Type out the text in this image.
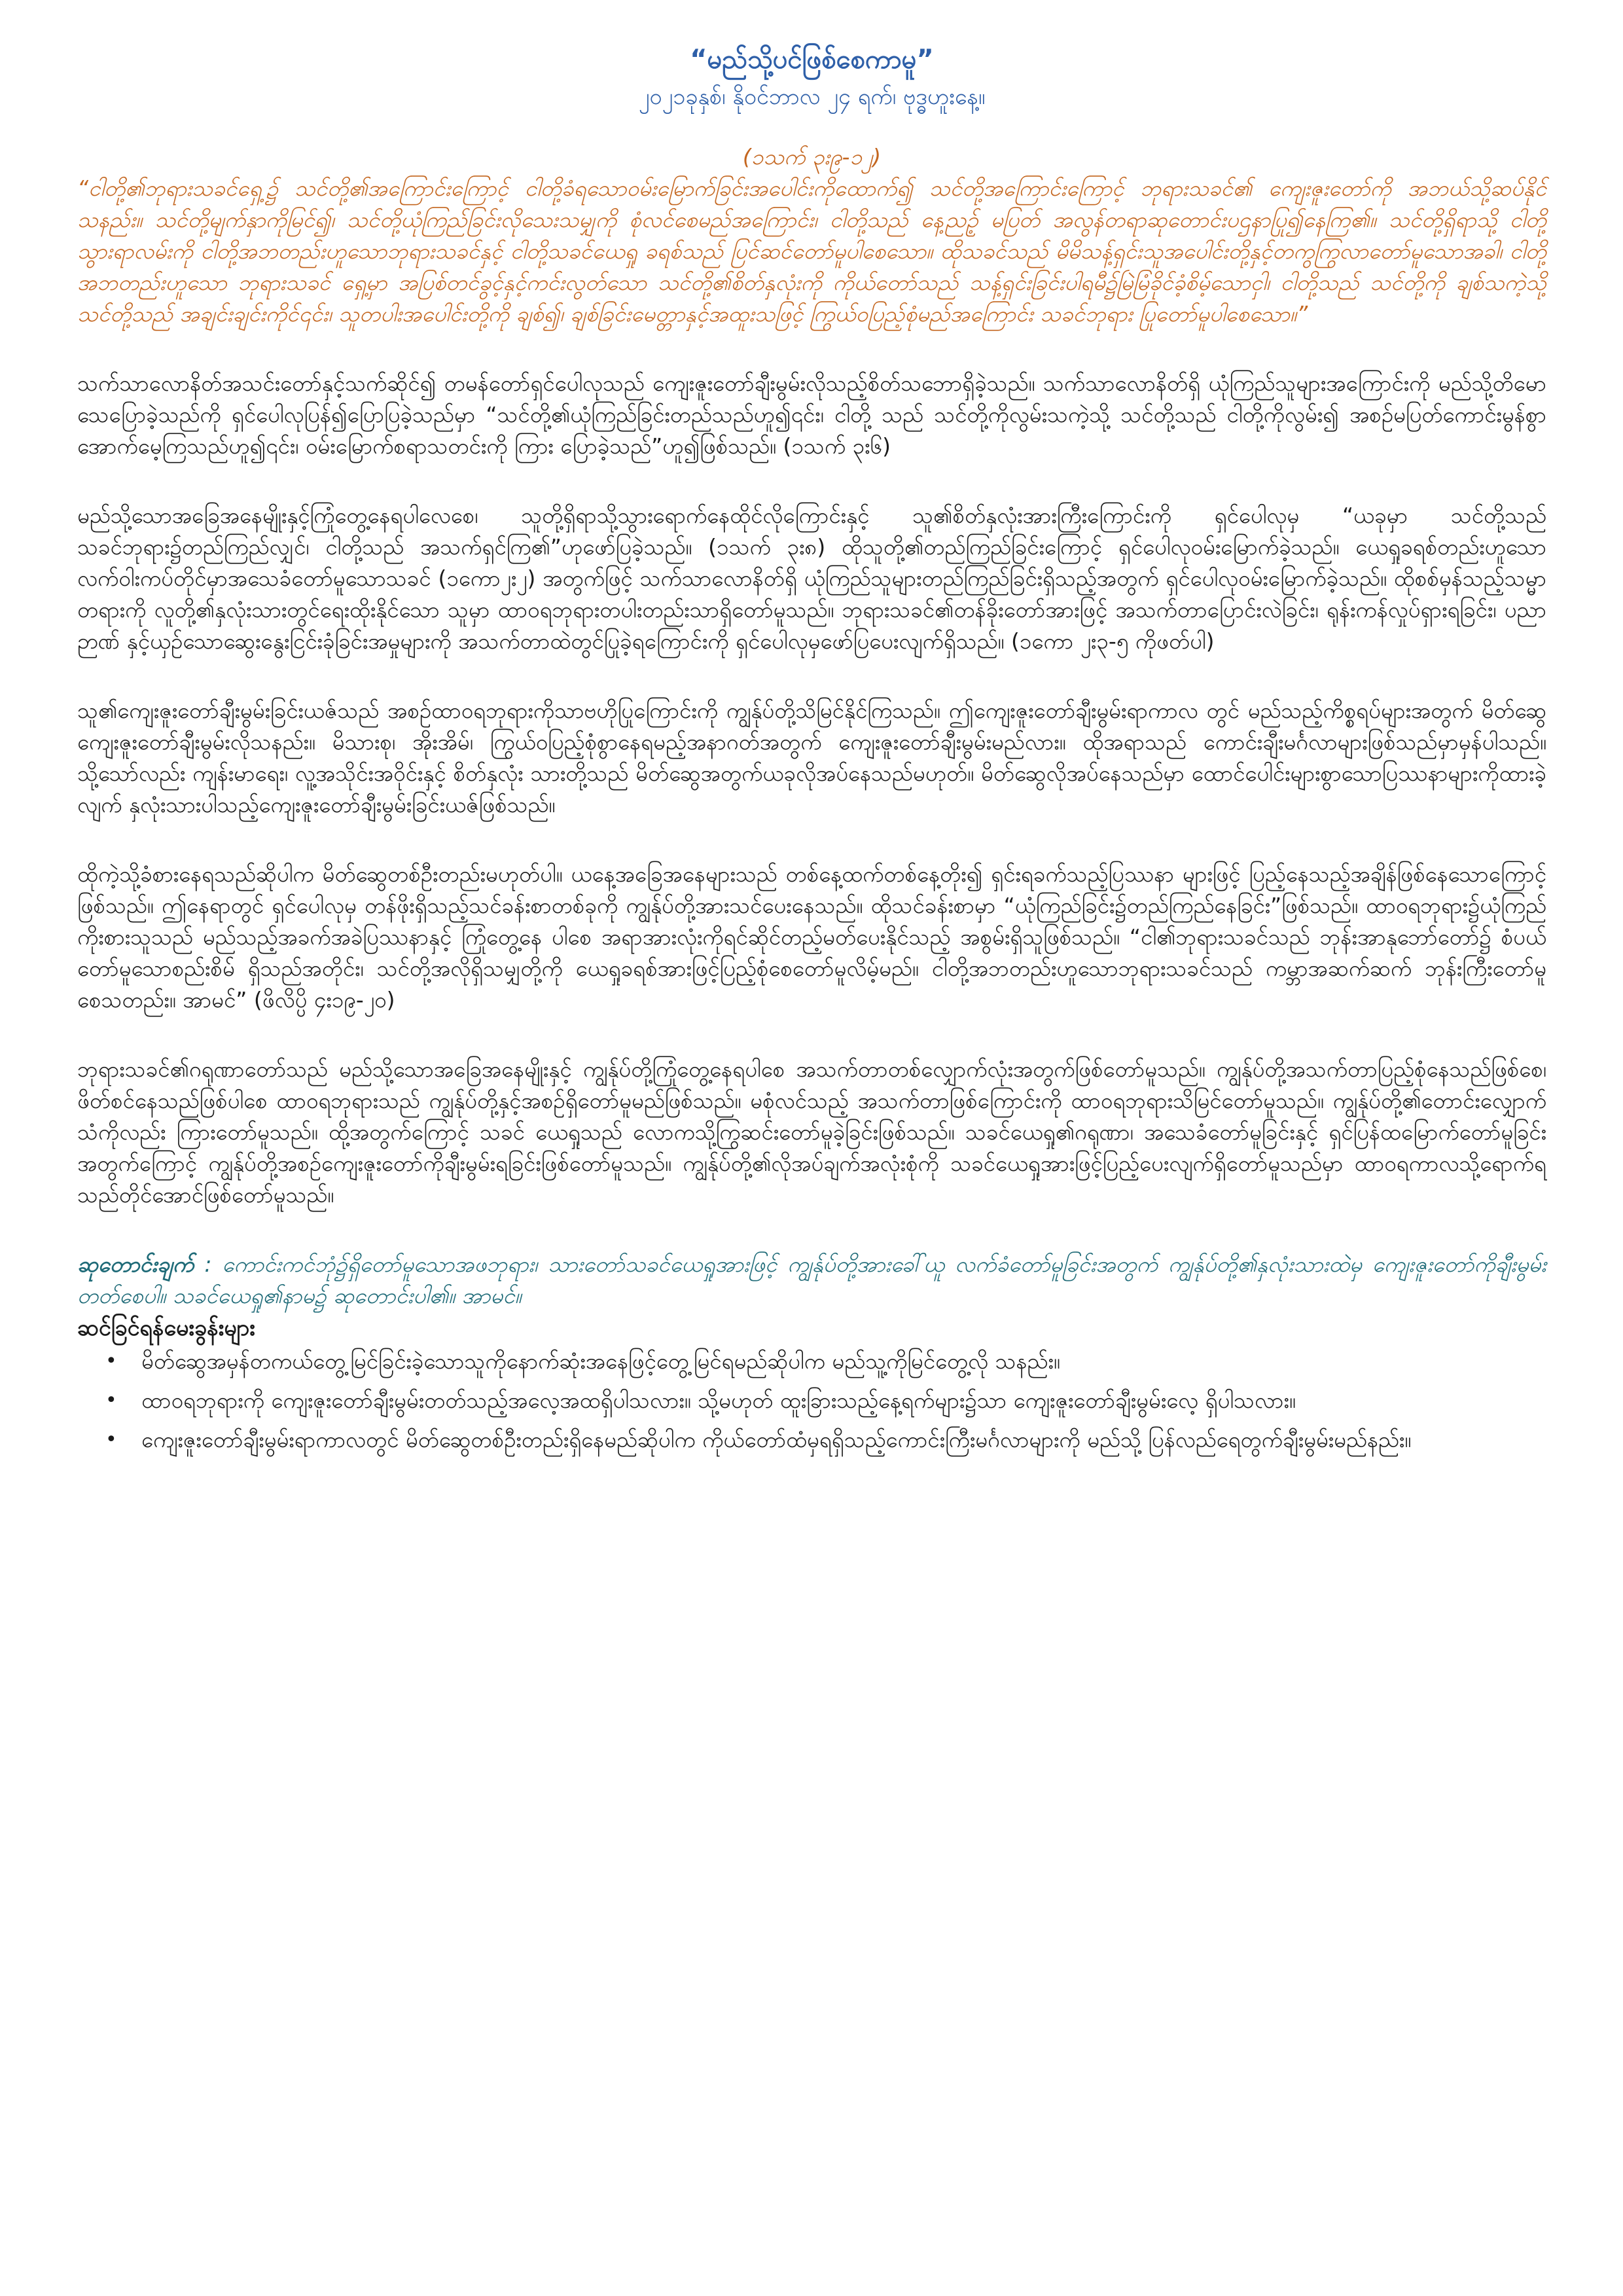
“မည်သို့ပင်ဖြစ်စေကာမူ”

၂၀၂၁ခုနှစ်၊ နိုဝင်ဘာလ ၂၄ ရက်၊ ဗုဒ္ဓဟူးနေ့။

(၁သက် ၃း၉-၁၂)

“ငါတို့၏ဘုရားသခင်ရှေ့၌ သင်တို့၏အကြောင်းကြောင့် ငါတို့ခံရသောဝမ်းမြောက်ခြင်းအပေါင်းကိုထောက်၍ သင်တို့အကြောင်းကြောင့် ဘုရားသခင်၏ ကျေးဇူးတော်ကို အဘယ်သို့ဆပ်နိုင်သနည်း။ သင်တို့မျက်နှာကိုမြင်၍၊ သင်တို့ယုံကြည်ခြင်းလိုသေးသမျှကို စုံလင်စေမည်အကြောင်း၊ ငါတို့သည် နေ့ညဉ့် မပြတ် အလွန်တရာဆုတောင်းပဌနာပြု၍နေကြ၏။ သင်တို့ရှိရာသို့ ငါတို့သွားရာလမ်းကို ငါတို့အဘတည်းဟူသောဘုရားသခင်နှင့် ငါတို့သခင်ယေရှု ခရစ်သည် ပြင်ဆင်တော်မူပါစေသော။ ထိုသခင်သည် မိမိသန့်ရှင်းသူအပေါင်းတို့နှင့်တကွကြွလာတော်မူသောအခါ၊ ငါတို့အဘတည်းဟူသော ဘုရားသခင် ရှေ့မှာ အပြစ်တင်ခွင့်နှင့်ကင်းလွတ်သော သင်တို့၏စိတ်နှလုံးကို ကိုယ်တော်သည် သန့်ရှင်းခြင်းပါရမီ၌မြဲမြံခိုင်ခံ့စိမ့်သောငှါ၊ ငါတို့သည် သင်တို့ကို ချစ်သကဲ့သို့ သင်တို့သည် အချင်းချင်းကိုင်၎င်း၊ သူတပါးအပေါင်းတို့ကို ချစ်၍၊ ချစ်ခြင်းမေတ္တာနှင့်အထူးသဖြင့် ကြွယ်ဝပြည့်စုံမည်အကြောင်း သခင်ဘုရား ပြုတော်မူပါစေသော။”

သက်သာလောနိတ်အသင်းတော်နှင့်သက်ဆိုင်၍ တမန်တော်ရှင်ပေါလုသည် ကျေးဇူးတော်ချီးမွမ်းလိုသည့်စိတ်သဘောရှိခဲ့သည်။ သက်သာလောနိတ်ရှိ ယုံကြည်သူများအကြောင်းကို မည်သို့တိမောသေပြောခဲ့သည်ကို ရှင်ပေါလုပြန်၍ပြောပြခဲ့သည်မှာ “သင်တို့၏ယုံကြည်ခြင်းတည်သည်ဟူ၍၎င်း၊ ငါတို့ သည် သင်တို့ကိုလွမ်းသကဲ့သို့ သင်တို့သည် ငါတို့ကိုလွမ်း၍ အစဉ်မပြတ်ကောင်းမွန်စွာအောက်မေ့ကြသည်ဟူ၍၎င်း၊ ဝမ်းမြောက်စရာသတင်းကို ကြား ပြောခဲ့သည်”ဟူ၍ဖြစ်သည်။ (၁သက် ၃း၆)

မည်သို့သောအခြေအနေမျိုးနှင့်ကြုံတွေ့နေရပါလေစေ၊ သူတို့ရှိရာသို့သွားရောက်နေထိုင်လိုကြောင်းနှင့် သူ၏စိတ်နှလုံးအားကြီးကြောင်းကို ရှင်ပေါလုမှ “ယခုမှာ သင်တို့သည် သခင်ဘုရား၌တည်ကြည်လျှင်၊ ငါတို့သည် အသက်ရှင်ကြ၏”ဟုဖော်ပြခဲ့သည်။ (၁သက် ၃း၈) ထိုသူတို့၏တည်ကြည်ခြင်းကြောင့် ရှင်ပေါလုဝမ်းမြောက်ခဲ့သည်။ ယေရှုခရစ်တည်းဟူသော လက်ဝါးကပ်တိုင်မှာအသေခံတော်မူသောသခင် (၁ကော၂း၂) အတွက်ဖြင့် သက်သာလောနိတ်ရှိ ယုံကြည်သူများတည်ကြည်ခြင်းရှိသည့်အတွက် ရှင်ပေါလုဝမ်းမြောက်ခဲ့သည်။ ထိုစစ်မှန်သည့်သမ္မာတရားကို လူတို့၏နှလုံးသားတွင်ရေးထိုးနိုင်သော သူမှာ ထာဝရဘုရားတပါးတည်းသာရှိတော်မူသည်။ ဘုရားသခင်၏တန်ခိုးတော်အားဖြင့် အသက်တာပြောင်းလဲခြင်း၊ ရုန်းကန်လှုပ်ရှားရခြင်း၊ ပညာဉာဏ် နှင့်ယှဉ်သောဆွေးနွေးငြင်းခုံခြင်းအမှုများကို အသက်တာထဲတွင်ပြုခဲ့ရကြောင်းကို ရှင်ပေါလုမှဖော်ပြပေးလျက်ရှိသည်။ (၁ကော ၂း၃-၅ ကိုဖတ်ပါ)

သူ၏ကျေးဇူးတော်ချီးမွမ်းခြင်းယဇ်သည် အစဉ်ထာဝရဘုရားကိုသာဗဟိုပြုကြောင်းကို ကျွန်ုပ်တို့သိမြင်နိုင်ကြသည်။ ဤကျေးဇူးတော်ချီးမွမ်းရာကာလ တွင် မည်သည့်ကိစ္စရပ်များအတွက် မိတ်ဆွေကျေးဇူးတော်ချီးမွမ်းလိုသနည်း။ မိသားစု၊ အိုးအိမ်၊ ကြွယ်ဝပြည့်စုံစွာနေရမည့်အနာဂတ်အတွက် ကျေးဇူးတော်ချီးမွမ်းမည်လား။ ထိုအရာသည် ကောင်းချီးမင်္ဂလာများဖြစ်သည်မှာမှန်ပါသည်။ သို့သော်လည်း ကျန်းမာရေး၊ လူ့အသိုင်းအဝိုင်းနှင့် စိတ်နှလုံး သားတို့သည် မိတ်ဆွေအတွက်ယခုလိုအပ်နေသည်မဟုတ်။ မိတ်ဆွေလိုအပ်နေသည်မှာ ထောင်ပေါင်းများစွာသောပြဿနာများကိုထားခဲ့လျက် နှလုံးသားပါသည့်ကျေးဇူးတော်ချီးမွမ်းခြင်းယဇ်ဖြစ်သည်။

ထိုကဲ့သို့ခံစားနေရသည်ဆိုပါက မိတ်ဆွေတစ်ဦးတည်းမဟုတ်ပါ။ ယနေ့အခြေအနေများသည် တစ်နေ့ထက်တစ်နေ့တိုး၍ ရှင်းရခက်သည့်ပြဿနာ များဖြင့် ပြည့်နေသည့်အချိန်ဖြစ်နေသောကြောင့်ဖြစ်သည်။ ဤနေရာတွင် ရှင်ပေါလုမှ တန်ဖိုးရှိသည့်သင်ခန်းစာတစ်ခုကို ကျွန်ုပ်တို့အားသင်ပေးနေသည်။ ထိုသင်ခန်းစာမှာ “ယုံကြည်ခြင်း၌တည်ကြည်နေခြင်း”ဖြစ်သည်။ ထာဝရဘုရား၌ယုံကြည်ကိုးစားသူသည် မည်သည့်အခက်အခဲပြဿနာနှင့် ကြုံတွေ့နေ ပါစေ အရာအားလုံးကိုရင်ဆိုင်တည့်မတ်ပေးနိုင်သည့် အစွမ်းရှိသူဖြစ်သည်။ “ငါ၏ဘုရားသခင်သည် ဘုန်းအာနုဘော်တော်၌ စံပယ်တော်မူသောစည်းစိမ် ရှိသည်အတိုင်း၊ သင်တို့အလိုရှိသမျှတို့ကို ယေရှုခရစ်အားဖြင့်ပြည့်စုံစေတော်မူလိမ့်မည်။ ငါတို့အဘတည်းဟူသောဘုရားသခင်သည် ကမ္ဘာအဆက်ဆက် ဘုန်းကြီးတော်မူစေသတည်း။ အာမင်” (ဖိလိပ္ပိ ၄း၁၉-၂၀)

ဘုရားသခင်၏ဂရုဏာတော်သည် မည်သို့သောအခြေအနေမျိုးနှင့် ကျွန်ုပ်တို့ကြုံတွေ့နေရပါစေ အသက်တာတစ်လျှောက်လုံးအတွက်ဖြစ်တော်မူသည်။ ကျွန်ုပ်တို့အသက်တာပြည့်စုံနေသည်ဖြစ်စေ၊ ဖိတ်စင်နေသည်ဖြစ်ပါစေ ထာဝရဘုရားသည် ကျွန်ုပ်တို့နှင့်အစဉ်ရှိတော်မူမည်ဖြစ်သည်။ မစုံလင်သည့် အသက်တာဖြစ်ကြောင်းကို ထာဝရဘုရားသိမြင်တော်မူသည်။ ကျွန်ုပ်တို့၏တောင်းလျှောက်သံကိုလည်း ကြားတော်မူသည်။ ထို့အတွက်ကြောင့် သခင် ယေရှုသည် လောကသို့ကြွဆင်းတော်မူခဲ့ခြင်းဖြစ်သည်။ သခင်ယေရှု၏ဂရုဏာ၊ အသေခံတော်မူခြင်းနှင့် ရှင်ပြန်ထမြောက်တော်မူခြင်းအတွက်ကြောင့် ကျွန်ုပ်တို့အစဉ်ကျေးဇူးတော်ကိုချီးမွမ်းရခြင်းဖြစ်တော်မူသည်။ ကျွန်ုပ်တို့၏လိုအပ်ချက်အလုံးစုံကို သခင်ယေရှုအားဖြင့်ပြည့်ပေးလျက်ရှိတော်မူသည်မှာ ထာဝရကာလသို့ရောက်ရသည်တိုင်အောင်ဖြစ်တော်မူသည်။

ဆုတောင်းချက် : ကောင်းကင်ဘုံ၌ရှိတော်မူသောအဖဘုရား၊ သားတော်သခင်ယေရှုအားဖြင့် ကျွန်ုပ်တို့အားခေါ်ယူ လက်ခံတော်မူခြင်းအတွက် ကျွန်ုပ်တို့၏နှလုံးသားထဲမှ ကျေးဇူးတော်ကိုချီးမွမ်းတတ်စေပါ။ သခင်ယေရှု၏နာမ၌ ဆုတောင်းပါ၏။ အာမင်။

ဆင်ခြင်ရန်မေးခွန်းများ

• မိတ်ဆွေအမှန်တကယ်တွေ့မြင်ခြင်းခဲ့သောသူကိုနောက်ဆုံးအနေဖြင့်တွေ့မြင်ရမည်ဆိုပါက မည်သူ့ကိုမြင်တွေ့လို သနည်း။
• ထာဝရဘုရားကို ကျေးဇူးတော်ချီးမွမ်းတတ်သည့်အလေ့အထရှိပါသလား။ သို့မဟုတ် ထူးခြားသည့်နေ့ရက်များ၌သာ ကျေးဇူးတော်ချီးမွမ်းလေ့ ရှိပါသလား။
• ကျေးဇူးတော်ချီးမွမ်းရာကာလတွင် မိတ်ဆွေတစ်ဦးတည်းရှိနေမည်ဆိုပါက ကိုယ်တော်ထံမှရရှိသည့်ကောင်းကြီးမင်္ဂလာများကို မည်သို့ ပြန်လည်ရေတွက်ချီးမွမ်းမည်နည်း။
